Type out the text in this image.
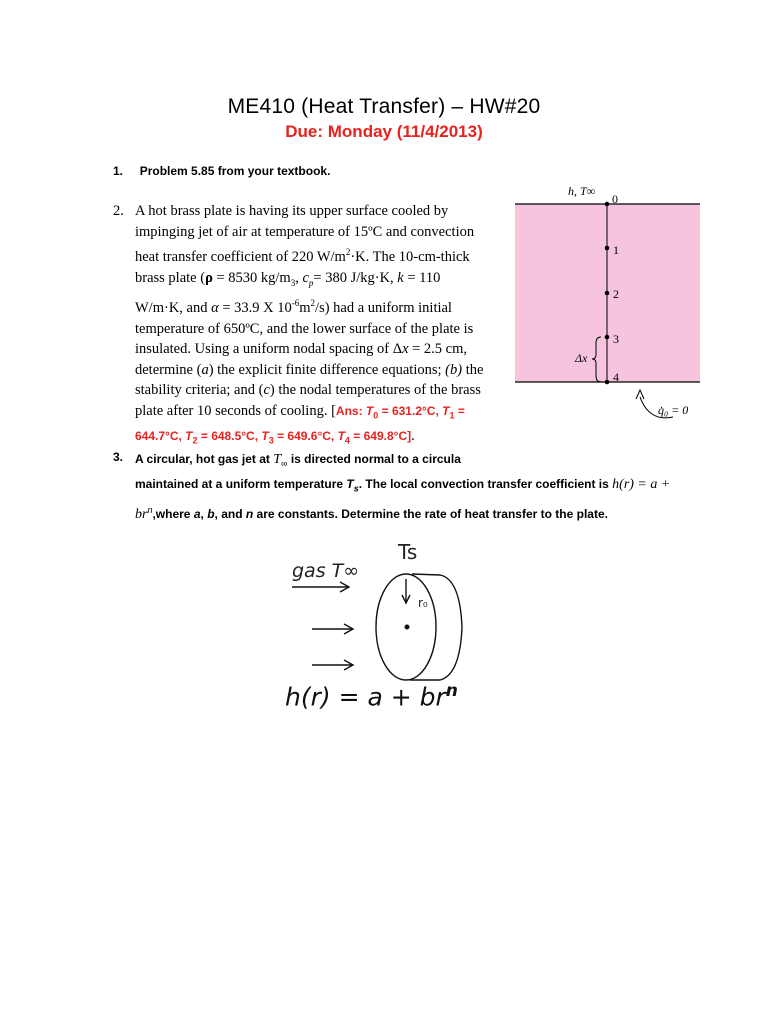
ME410 (Heat Transfer) – HW#20
Due: Monday (11/4/2013)
1. Problem 5.85 from your textbook.
2. A hot brass plate is having its upper surface cooled by
impinging jet of air at temperature of 15ºC and convection
heat transfer coefficient of 220 $W/m^2\cdot K$. The 10-cm-thick
brass plate (ρ = 8530 $kg/m_3$, $c_p= 380$ J/kg·K, k = 110
W/m·K, and α = 33.9 X $10^{-6}m^2/s$) had a uniform initial
temperature of 650ºC, and the lower surface of the plate is
insulated. Using a uniform nodal spacing of Δx = 2.5 cm,
determine (a) the explicit finite difference equations; (b) the
stability criteria; and (c) the nodal temperatures of the brass
plate after 10 seconds of cooling. [Ans: $T_0 = 631.2^\circ C$, $T_1$ =
644.7°C, $T_2 = 648.5^\circ C$, $T_3 = 649.6^\circ C$, $T_4 = 649.8^\circ C$].
h, T∞
0
1
2
3
4
Δx
q̇₀ = 0
3. A circular, hot gas jet at $T_\infty$ is directed normal to a circula
maintained at a uniform temperature $T_s$. The local convection transfer coefficient is h(r) = a +
$br^n,where$ a, b, and n are constants. Determine the rate of heat transfer to the plate.
gas T∞
Ts
r₀
$h(r) = a + br^n$
